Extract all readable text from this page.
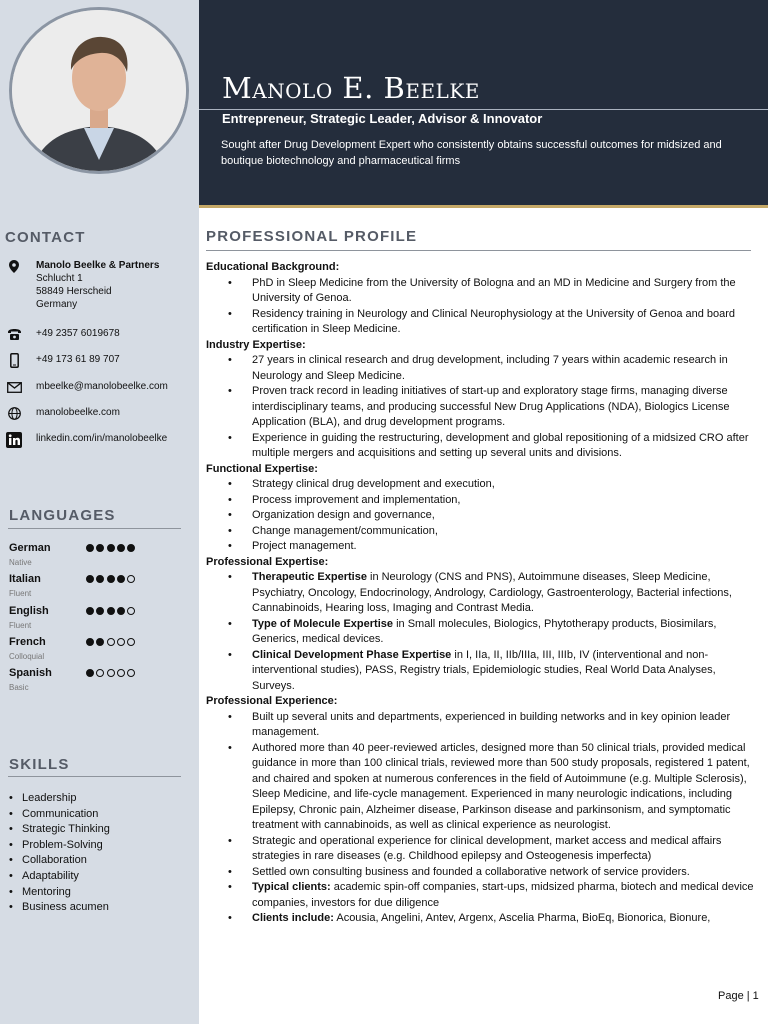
Manolo E. Beelke
Entrepreneur, Strategic Leader, Advisor & Innovator
Sought after Drug Development Expert who consistently obtains successful outcomes for midsized and boutique biotechnology and pharmaceutical firms
CONTACT
Manolo Beelke & Partners
Schlucht 1
58849 Herscheid
Germany
+49 2357 6019678
+49 173 61 89 707
mbeelke@manolobeelke.com
manolobeelke.com
linkedin.com/in/manolobeelke
LANGUAGES
German
Native
Italian
Fluent
English
Fluent
French
Colloquial
Spanish
Basic
SKILLS
• Leadership
• Communication
• Strategic Thinking
• Problem-Solving
• Collaboration
• Adaptability
• Mentoring
• Business acumen
PROFESSIONAL PROFILE
Educational Background:
• PhD in Sleep Medicine from the University of Bologna and an MD in Medicine and Surgery from the University of Genoa.
• Residency training in Neurology and Clinical Neurophysiology at the University of Genoa and board certification in Sleep Medicine.
Industry Expertise:
• 27 years in clinical research and drug development, including 7 years within academic research in Neurology and Sleep Medicine.
• Proven track record in leading initiatives of start-up and exploratory stage firms, managing diverse interdisciplinary teams, and producing successful New Drug Applications (NDA), Biologics License Application (BLA), and drug development programs.
• Experience in guiding the restructuring, development and global repositioning of a midsized CRO after multiple mergers and acquisitions and setting up several units and divisions.
Functional Expertise:
• Strategy clinical drug development and execution,
• Process improvement and implementation,
• Organization design and governance,
• Change management/communication,
• Project management.
Professional Expertise:
• Therapeutic Expertise in Neurology (CNS and PNS), Autoimmune diseases, Sleep Medicine, Psychiatry, Oncology, Endocrinology, Andrology, Cardiology, Gastroenterology, Bacterial infections, Cannabinoids, Hearing loss, Imaging and Contrast Media.
• Type of Molecule Expertise in Small molecules, Biologics, Phytotherapy products, Biosimilars, Generics, medical devices.
• Clinical Development Phase Expertise in I, IIa, II, IIb/IIIa, III, IIIb, IV (interventional and non-interventional studies), PASS, Registry trials, Epidemiologic studies, Real World Data Analyses, Surveys.
Professional Experience:
• Built up several units and departments, experienced in building networks and in key opinion leader management.
• Authored more than 40 peer-reviewed articles, designed more than 50 clinical trials, provided medical guidance in more than 100 clinical trials, reviewed more than 500 study proposals, registered 1 patent, and chaired and spoken at numerous conferences in the field of Autoimmune (e.g. Multiple Sclerosis), Sleep Medicine, and life-cycle management. Experienced in many neurologic indications, including Epilepsy, Chronic pain, Alzheimer disease, Parkinson disease and parkinsonism, and symptomatic treatment with cannabinoids, as well as clinical experience as neurologist.
• Strategic and operational experience for clinical development, market access and medical affairs strategies in rare diseases (e.g. Childhood epilepsy and Osteogenesis imperfecta)
• Settled own consulting business and founded a collaborative network of service providers.
• Typical clients: academic spin-off companies, start-ups, midsized pharma, biotech and medical device companies, investors for due diligence
• Clients include: Acousia, Angelini, Antev, Argenx, Ascelia Pharma, BioEq, Bionorica, Bionure,
Page | 1
